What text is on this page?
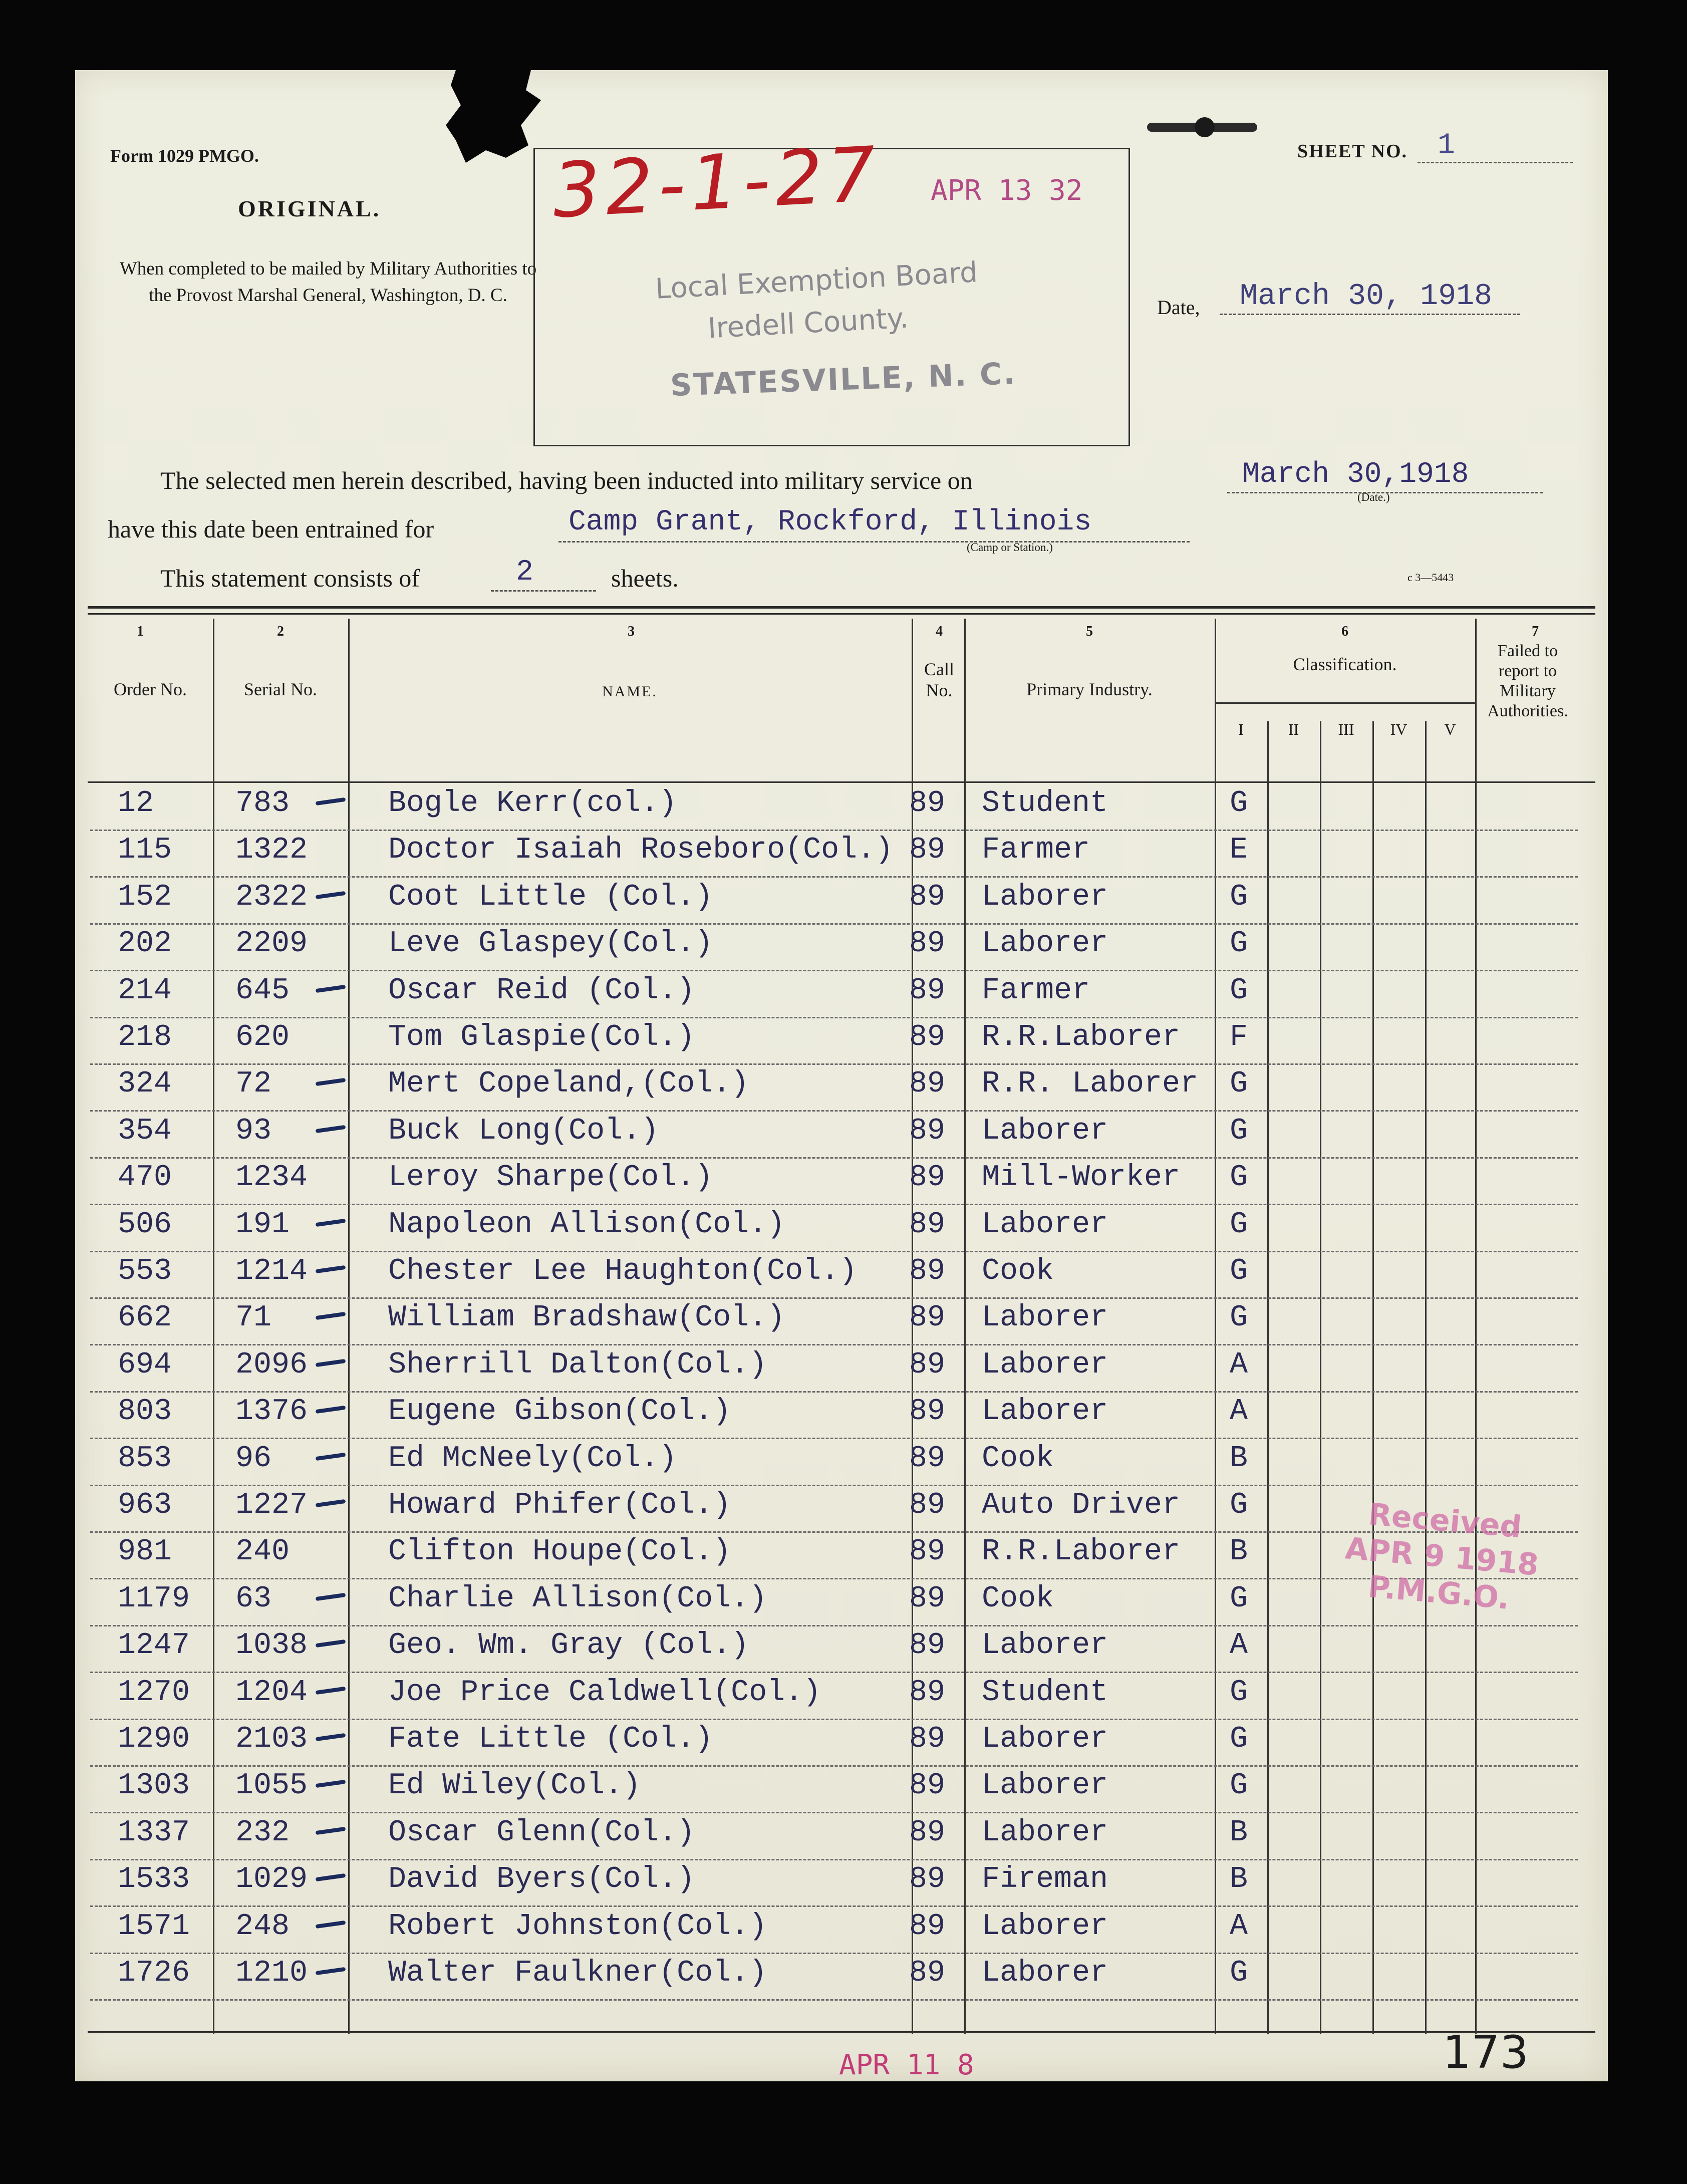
Form 1029 PMGO.
ORIGINAL.
When completed to be mailed by Military Authorities to the Provost Marshal General, Washington, D. C.
32-1-27 APR 13 32
Local Exemption Board
Iredell County.
STATESVILLE, N. C.
SHEET NO.	1
Date,	March 30, 1918
The selected men herein described, having been inducted into military service on	March 30,1918
(Date.)
have this date been entrained for	Camp Grant, Rockford, Illinois
(Camp or Station.)
This statement consists of	2	sheets.	c 3—5443
1	2	3	4	5	6	7
Order No.	Serial No.	NAME.
Call No.	Primary Industry.
Classification.
Failed to report to Military Authorities.
I	II	III	IV	V
12	783	Bogle Kerr(col.)	89 Student	G
115 1322	Doctor Isaiah Roseboro(Col.) 89 Farmer	E
152 2322	Coot Little (Col.)	89 Laborer	G
202 2209	Leve Glaspey(Col.)	89 Laborer	G
214 645	Oscar Reid (Col.)	89 Farmer	G
218 620	Tom Glaspie(Col.)	89 R.R.Laborer F
324 72	Mert Copeland,(Col.)	89 R.R. Laborer G
354 93	Buck Long(Col.)	89 Laborer	G
470 1234	Leroy Sharpe(Col.)	89 Mill-Worker G
506 191	Napoleon Allison(Col.)	89 Laborer	G
553 1214	Chester Lee Haughton(Col.) 89 Cook	G
662 71	William Bradshaw(Col.)	89 Laborer	G
694 2096	Sherrill Dalton(Col.)	89 Laborer	A
803 1376	Eugene Gibson(Col.)	89 Laborer	A
853 96	Ed McNeely(Col.)	89 Cook	B
963 1227	Howard Phifer(Col.)	89 Auto Driver G
981 240	Clifton Houpe(Col.)	89 R.R.Laborer B
1179 63	Charlie Allison(Col.)	89 Cook	G
1247 1038	Geo. Wm. Gray (Col.)	89 Laborer	A
1270 1204	Joe Price Caldwell(Col.)	89 Student	G
1290 2103	Fate Little (Col.)	89 Laborer	G
1303 1055	Ed Wiley(Col.)	89 Laborer	G
1337 232	Oscar Glenn(Col.)	89 Laborer	B
1533 1029	David Byers(Col.)	89 Fireman	B
1571 248	Robert Johnston(Col.)	89 Laborer	A
1726 1210	Walter Faulkner(Col.)	89 Laborer	G
Received
APR 9 1918
P.M.G.O.
APR 11 8	173
